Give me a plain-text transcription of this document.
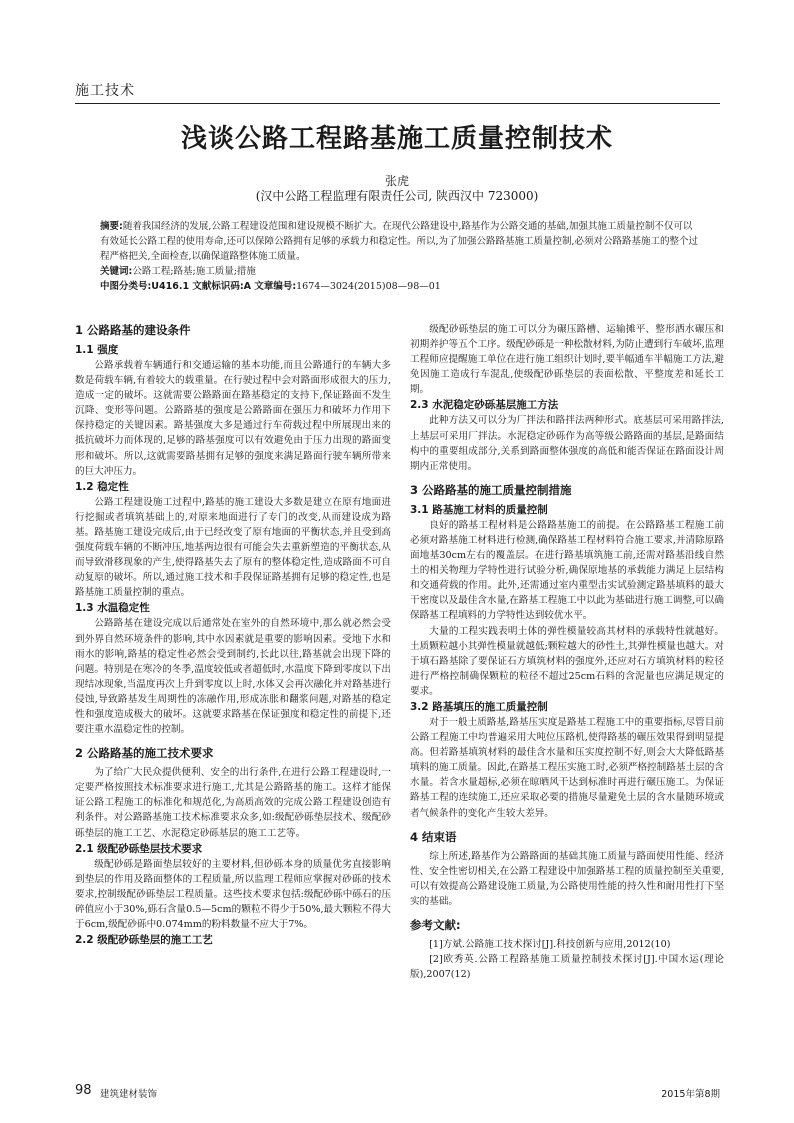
施工技术
浅谈公路工程路基施工质量控制技术
张虎
(汉中公路工程监理有限责任公司, 陕西汉中 723000)

摘要:随着我国经济的发展,公路工程建设范围和建设规模不断扩大。在现代公路建设中,路基作为公路交通的基础,加强其施工质量控制不仅可以有效延长公路工程的使用寿命,还可以保障公路拥有足够的承载力和稳定性。所以,为了加强公路路基施工质量控制,必须对公路路基施工的整个过程严格把关,全面检查,以确保道路整体施工质量。

关键词:公路工程;路基;施工质量;措施

中图分类号:U416.1 文献标识码:A 文章编号:1674—3024(2015)08—98—01

1 公路路基的建设条件
1.1 强度

公路承载着车辆通行和交通运输的基本功能,而且公路通行的车辆大多数是荷载车辆,有着较大的载重量。在行驶过程中会对路面形成很大的压力,造成一定的破坏。这就需要公路路面在路基稳定的支持下,保证路面不发生沉降、变形等问题。公路路基的强度是公路路面在强压力和破坏力作用下保持稳定的关键因素。路基强度大多是通过行车荷载过程中所展现出来的抵抗破坏力而体现的,足够的路基强度可以有效避免由于压力出现的路面变形和破坏。所以,这就需要路基拥有足够的强度来满足路面行驶车辆所带来的巨大冲压力。

1.2 稳定性

公路工程建设施工过程中,路基的施工建设大多数是建立在原有地面进行挖掘或者填筑基础上的,对原来地面进行了专门的改变,从而建设成为路基。路基施工建设完成后,由于已经改变了原有地面的平衡状态,并且受到高强度荷载车辆的不断冲压,地基两边很有可能会失去重新塑造的平衡状态,从而导致滑移现象的产生,使得路基失去了原有的整体稳定性,造成路面不可自动复原的破坏。所以,通过施工技术和手段保证路基拥有足够的稳定性,也是路基施工质量控制的重点。

1.3 水温稳定性

公路路基在建设完成以后通常处在室外的自然环境中,那么就必然会受到外界自然环境条件的影响,其中水因素就是重要的影响因素。受地下水和雨水的影响,路基的稳定性必然会受到制约,长此以往,路基就会出现下降的问题。特别是在寒冷的冬季,温度较低或者超低时,水温度下降到零度以下出现结冰现象,当温度再次上升到零度以上时,水体又会再次融化并对路基进行侵蚀,导致路基发生周期性的冻融作用,形成冻胀和翻浆问题,对路基的稳定性和强度造成极大的破坏。这就要求路基在保证强度和稳定性的前提下,还要注重水温稳定性的控制。

2 公路路基的施工技术要求

为了给广大民众提供便利、安全的出行条件,在进行公路工程建设时,一定要严格按照技术标准要求进行施工,尤其是公路路基的施工。这样才能保证公路工程施工的标准化和规范化,为高质高效的完成公路工程建设创造有利条件。对公路路基施工技术标准要求众多,如:级配砂砾垫层技术、级配砂砾垫层的施工工艺、水泥稳定砂砾基层的施工工艺等。

2.1 级配砂砾垫层技术要求

级配砂砾是路面垫层较好的主要材料,但砂砾本身的质量优劣直接影响到垫层的作用及路面整体的工程质量,所以监理工程师应掌握对砂砾的技术要求,控制级配砂砾垫层工程质量。这些技术要求包括:级配砂砾中砾石的压碎值应小于30%,砾石含量0.5—5cm的颗粒不得少于50%,最大颗粒不得大于6cm,级配砂砾中0.074mm的粉料数量不应大于7%。

2.2 级配砂砾垫层的施工工艺

级配砂砾垫层的施工可以分为碾压路槽、运输摊平、整形洒水碾压和初期养护等五个工序。级配砂砾是一种松散材料,为防止遭到行车破坏,监理工程师应提醒施工单位在进行施工组织计划时,要半幅通车半幅施工方法,避免因施工造成行车混乱,使级配砂砾垫层的表面松散、平整度差和延长工期。

2.3 水泥稳定砂砾基层施工方法

此种方法又可以分为厂拌法和路拌法两种形式。底基层可采用路拌法,上基层可采用厂拌法。水泥稳定砂砾作为高等级公路路面的基层,是路面结构中的重要组成部分,关系到路面整体强度的高低和能否保证在路面设计周期内正常使用。

3 公路路基的施工质量控制措施
3.1 路基施工材料的质量控制

良好的路基工程材料是公路路基施工的前提。在公路路基工程施工前必须对路基施工材料进行检测,确保路基工程材料符合施工要求,并清除原路面地基30cm左右的覆盖层。在进行路基填筑施工前,还需对路基沿线自然土的相关物理力学特性进行试验分析,确保原地基的承载能力满足上层结构和交通荷载的作用。此外,还需通过室内重型击实试验测定路基填料的最大干密度以及最佳含水量,在路基工程施工中以此为基础进行施工调整,可以确保路基工程填料的力学特性达到较优水平。

大量的工程实践表明土体的弹性模量较高其材料的承载特性就越好。土质颗粒越小其弹性模量就越低;颗粒越大的砂性土,其弹性模量也越大。对于填石路基除了要保证石方填筑材料的强度外,还应对石方填筑材料的粒径进行严格控制确保颗粒的粒径不超过25cm石料的含泥量也应满足规定的要求。

3.2 路基填压的施工质量控制

对于一般土质路基,路基压实度是路基工程施工中的重要指标,尽管目前公路工程施工中均普遍采用大吨位压路机,使得路基的碾压效果得到明显提高。但若路基填筑材料的最佳含水量和压实度控制不好,则会大大降低路基填料的施工质量。因此,在路基工程压实施工时,必须严格控制路基土层的含水量。若含水量超标,必须在晾晒风干达到标准时再进行碾压施工。为保证路基工程的连续施工,还应采取必要的措施尽量避免土层的含水量随环境或者气候条件的变化产生较大差异。

4 结束语

综上所述,路基作为公路路面的基础其施工质量与路面使用性能、经济性、安全性密切相关,在公路工程建设中加强路基工程的质量控制至关重要,可以有效提高公路建设施工质量,为公路使用性能的持久性和耐用性打下坚实的基础。

参考文献:

[1]方斌.公路施工技术探讨[J].科技创新与应用,2012(10)

[2]欧秀英.公路工程路基施工质量控制技术探讨[J].中国水运(理论版),2007(12)

98 建筑建材装饰	2015年第8期
